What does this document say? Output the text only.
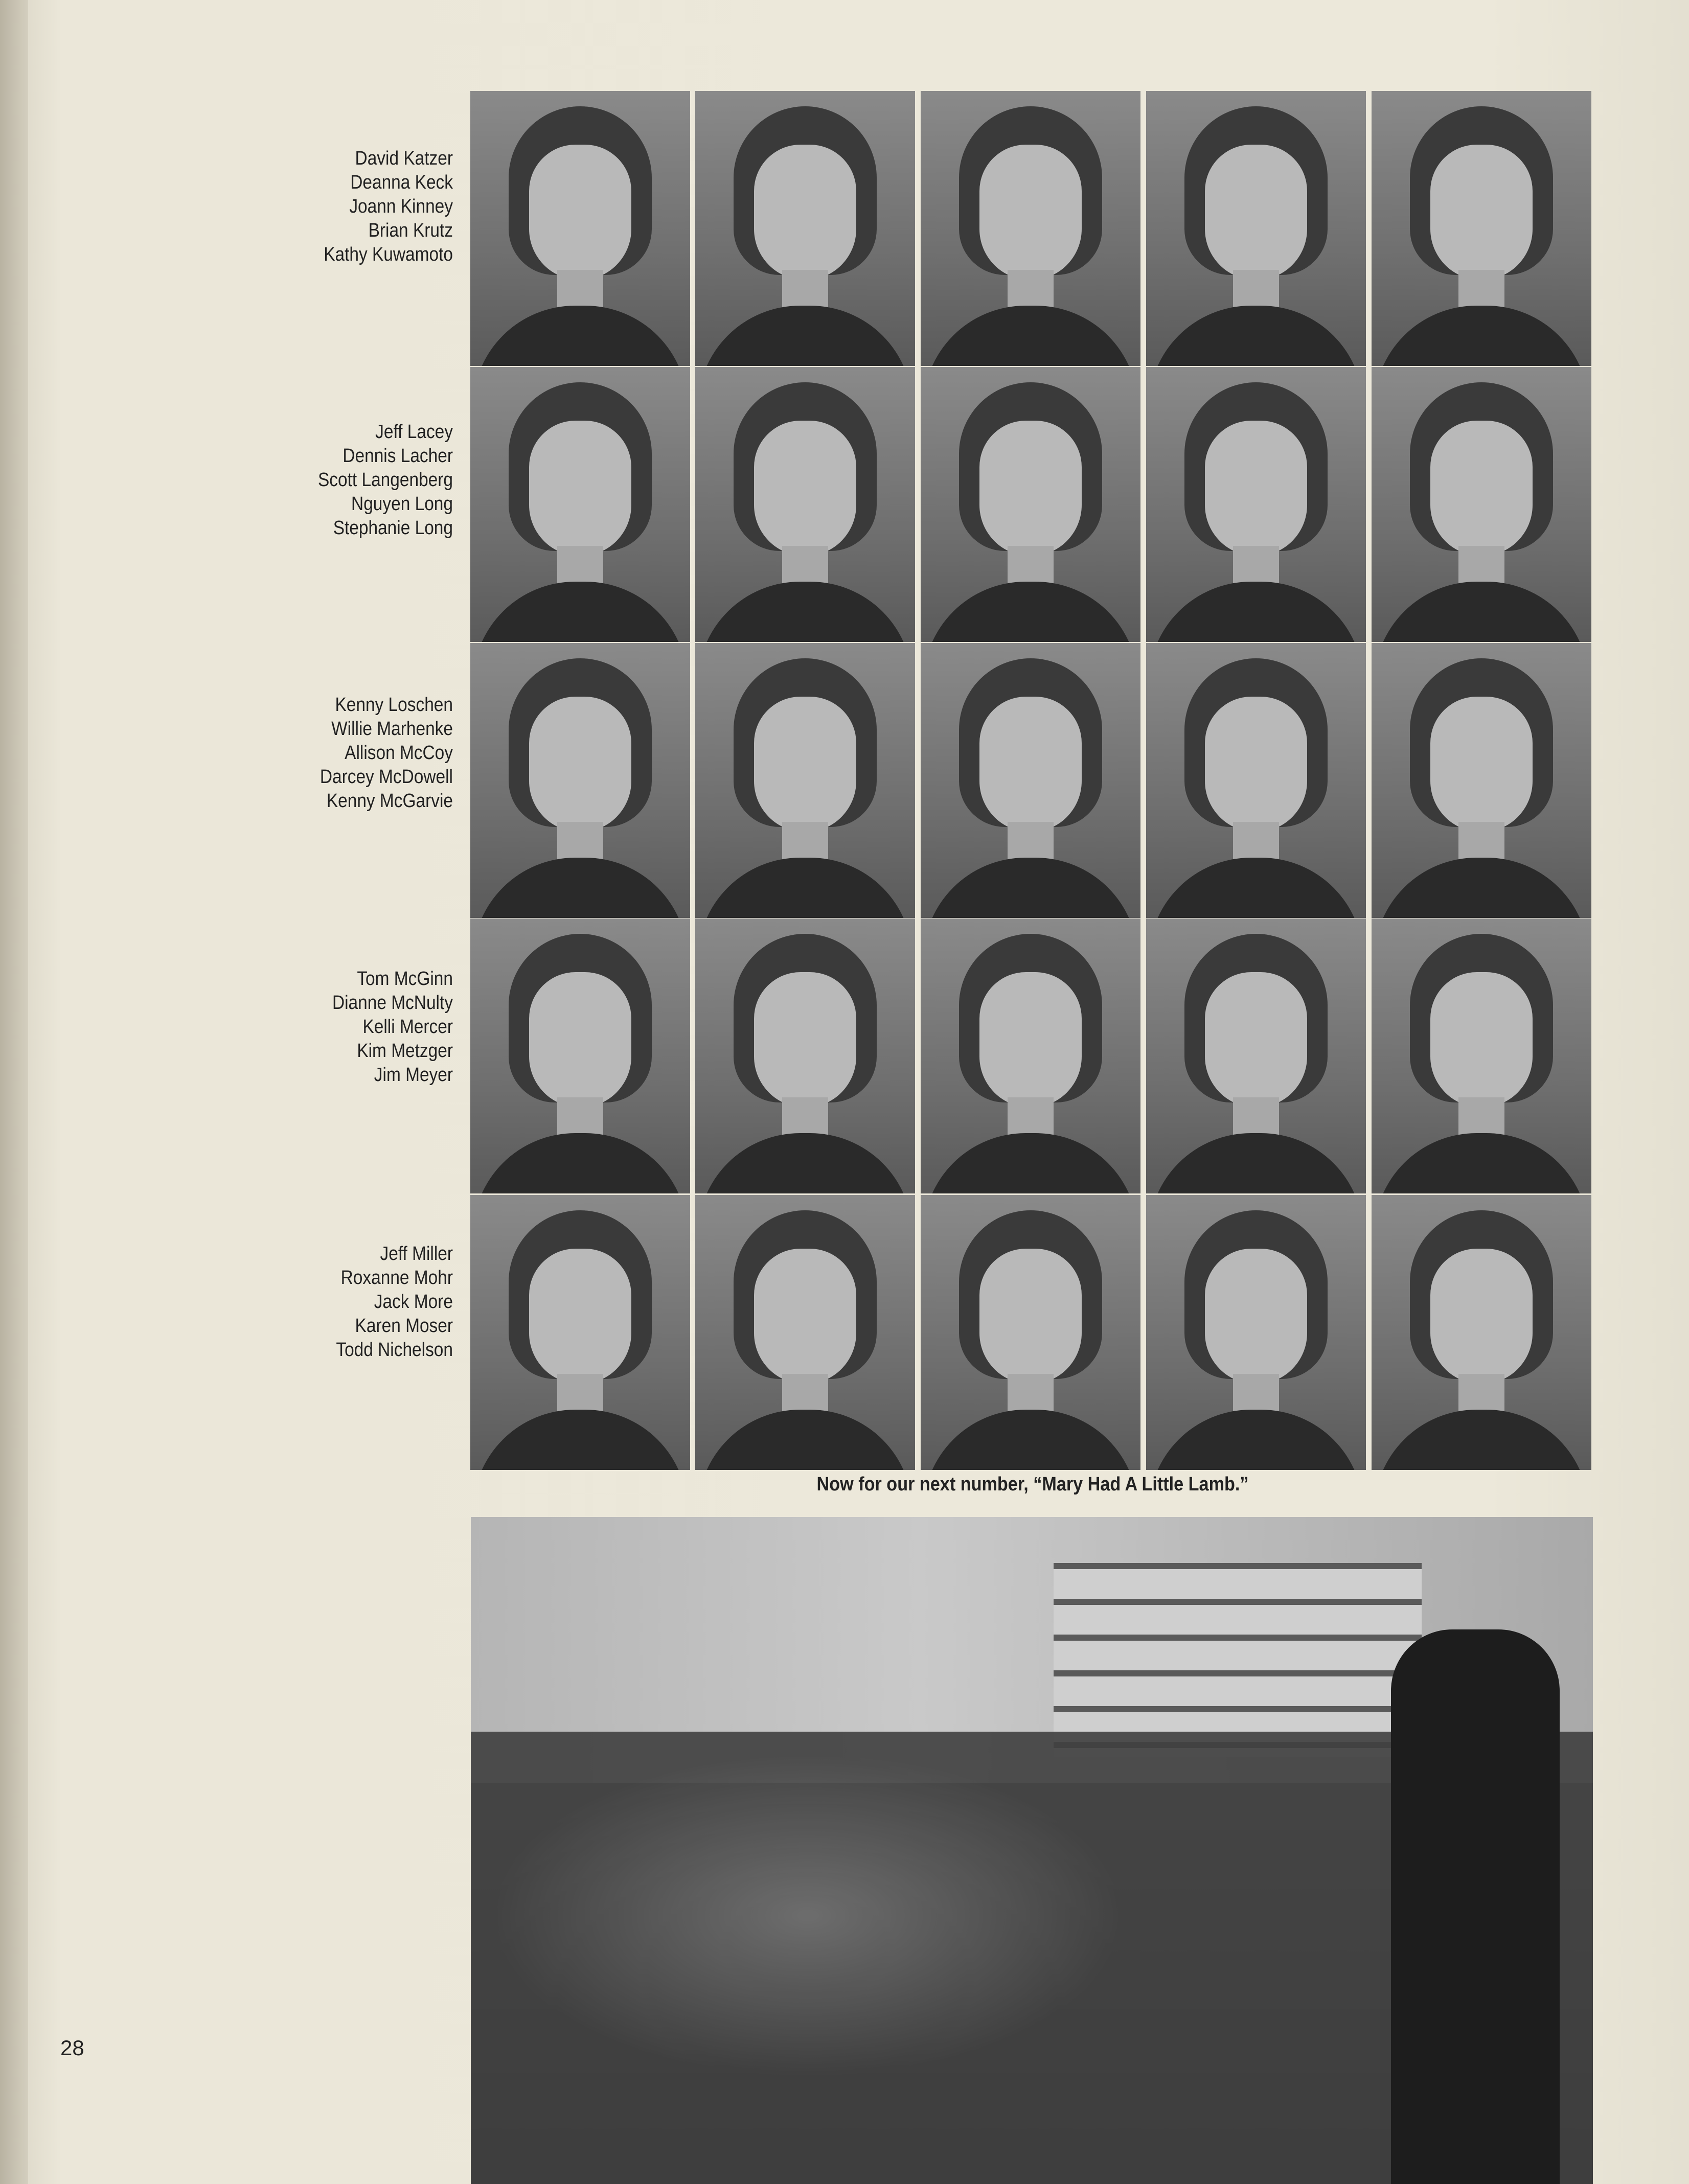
David Katzer
Deanna Keck
Joann Kinney
Brian Krutz
Kathy Kuwamoto
Jeff Lacey
Dennis Lacher
Scott Langenberg
Nguyen Long
Stephanie Long
Kenny Loschen
Willie Marhenke
Allison McCoy
Darcey McDowell
Kenny McGarvie
Tom McGinn
Dianne McNulty
Kelli Mercer
Kim Metzger
Jim Meyer
Jeff Miller
Roxanne Mohr
Jack More
Karen Moser
Todd Nichelson
Now for our next number, “Mary Had A Little Lamb.”
28
